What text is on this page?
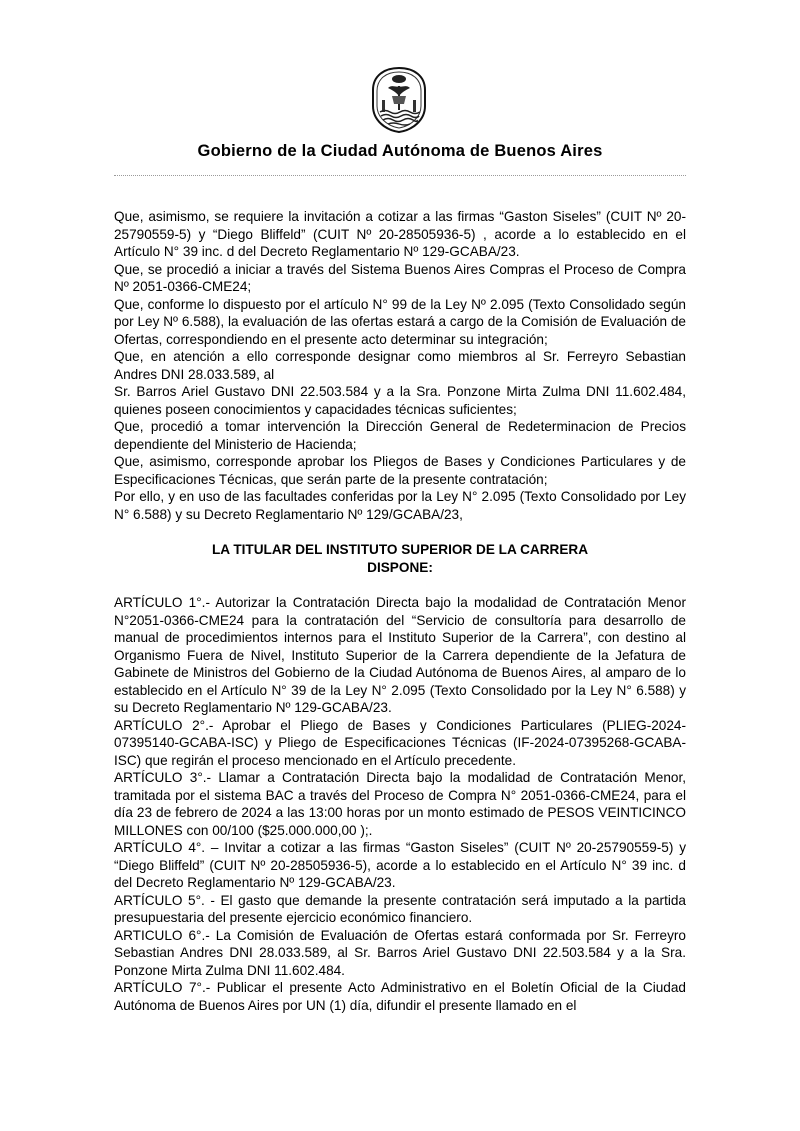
Gobierno de la Ciudad Autónoma de Buenos Aires

Que, asimismo, se requiere la invitación a cotizar a las firmas “Gaston Siseles” (CUIT Nº 20-25790559-5) y “Diego Bliffeld” (CUIT Nº 20-28505936-5) , acorde a lo establecido en el Artículo N° 39 inc. d del Decreto Reglamentario Nº 129-GCABA/23.

Que, se procedió a iniciar a través del Sistema Buenos Aires Compras el Proceso de Compra Nº 2051-0366-CME24;

Que, conforme lo dispuesto por el artículo N° 99 de la Ley Nº 2.095 (Texto Consolidado según por Ley Nº 6.588), la evaluación de las ofertas estará a cargo de la Comisión de Evaluación de Ofertas, correspondiendo en el presente acto determinar su integración;

Que, en atención a ello corresponde designar como miembros al Sr. Ferreyro Sebastian Andres DNI 28.033.589, al

Sr. Barros Ariel Gustavo DNI 22.503.584 y a la Sra. Ponzone Mirta Zulma DNI 11.602.484, quienes poseen conocimientos y capacidades técnicas suficientes;

Que, procedió a tomar intervención la Dirección General de Redeterminacion de Precios dependiente del Ministerio de Hacienda;

Que, asimismo, corresponde aprobar los Pliegos de Bases y Condiciones Particulares y de Especificaciones Técnicas, que serán parte de la presente contratación;

Por ello, y en uso de las facultades conferidas por la Ley N° 2.095 (Texto Consolidado por Ley N° 6.588) y su Decreto Reglamentario Nº 129/GCABA/23,

LA TITULAR DEL INSTITUTO SUPERIOR DE LA CARRERA

DISPONE:

ARTÍCULO 1°.- Autorizar la Contratación Directa bajo la modalidad de Contratación Menor N°2051-0366-CME24 para la contratación del “Servicio de consultoría para desarrollo de manual de procedimientos internos para el Instituto Superior de la Carrera”, con destino al Organismo Fuera de Nivel, Instituto Superior de la Carrera dependiente de la Jefatura de Gabinete de Ministros del Gobierno de la Ciudad Autónoma de Buenos Aires, al amparo de lo establecido en el Artículo N° 39 de la Ley N° 2.095 (Texto Consolidado por la Ley N° 6.588) y su Decreto Reglamentario Nº 129-GCABA/23.

ARTÍCULO 2°.- Aprobar el Pliego de Bases y Condiciones Particulares (PLIEG-2024-07395140-GCABA-ISC) y Pliego de Especificaciones Técnicas (IF-2024-07395268-GCABA-ISC) que regirán el proceso mencionado en el Artículo precedente.

ARTÍCULO 3°.- Llamar a Contratación Directa bajo la modalidad de Contratación Menor, tramitada por el sistema BAC a través del Proceso de Compra N° 2051-0366-CME24, para el día 23 de febrero de 2024 a las 13:00 horas por un monto estimado de PESOS VEINTICINCO MILLONES con 00/100 ($25.000.000,00 );.

ARTÍCULO 4°. – Invitar a cotizar a las firmas “Gaston Siseles” (CUIT Nº 20-25790559-5) y “Diego Bliffeld” (CUIT Nº 20-28505936-5), acorde a lo establecido en el Artículo N° 39 inc. d del Decreto Reglamentario Nº 129-GCABA/23.

ARTÍCULO 5°. - El gasto que demande la presente contratación será imputado a la partida presupuestaria del presente ejercicio económico financiero.

ARTICULO 6°.- La Comisión de Evaluación de Ofertas estará conformada por Sr. Ferreyro Sebastian Andres DNI 28.033.589, al Sr. Barros Ariel Gustavo DNI 22.503.584 y a la Sra. Ponzone Mirta Zulma DNI 11.602.484.

ARTÍCULO 7°.- Publicar el presente Acto Administrativo en el Boletín Oficial de la Ciudad Autónoma de Buenos Aires por UN (1) día, difundir el presente llamado en el
